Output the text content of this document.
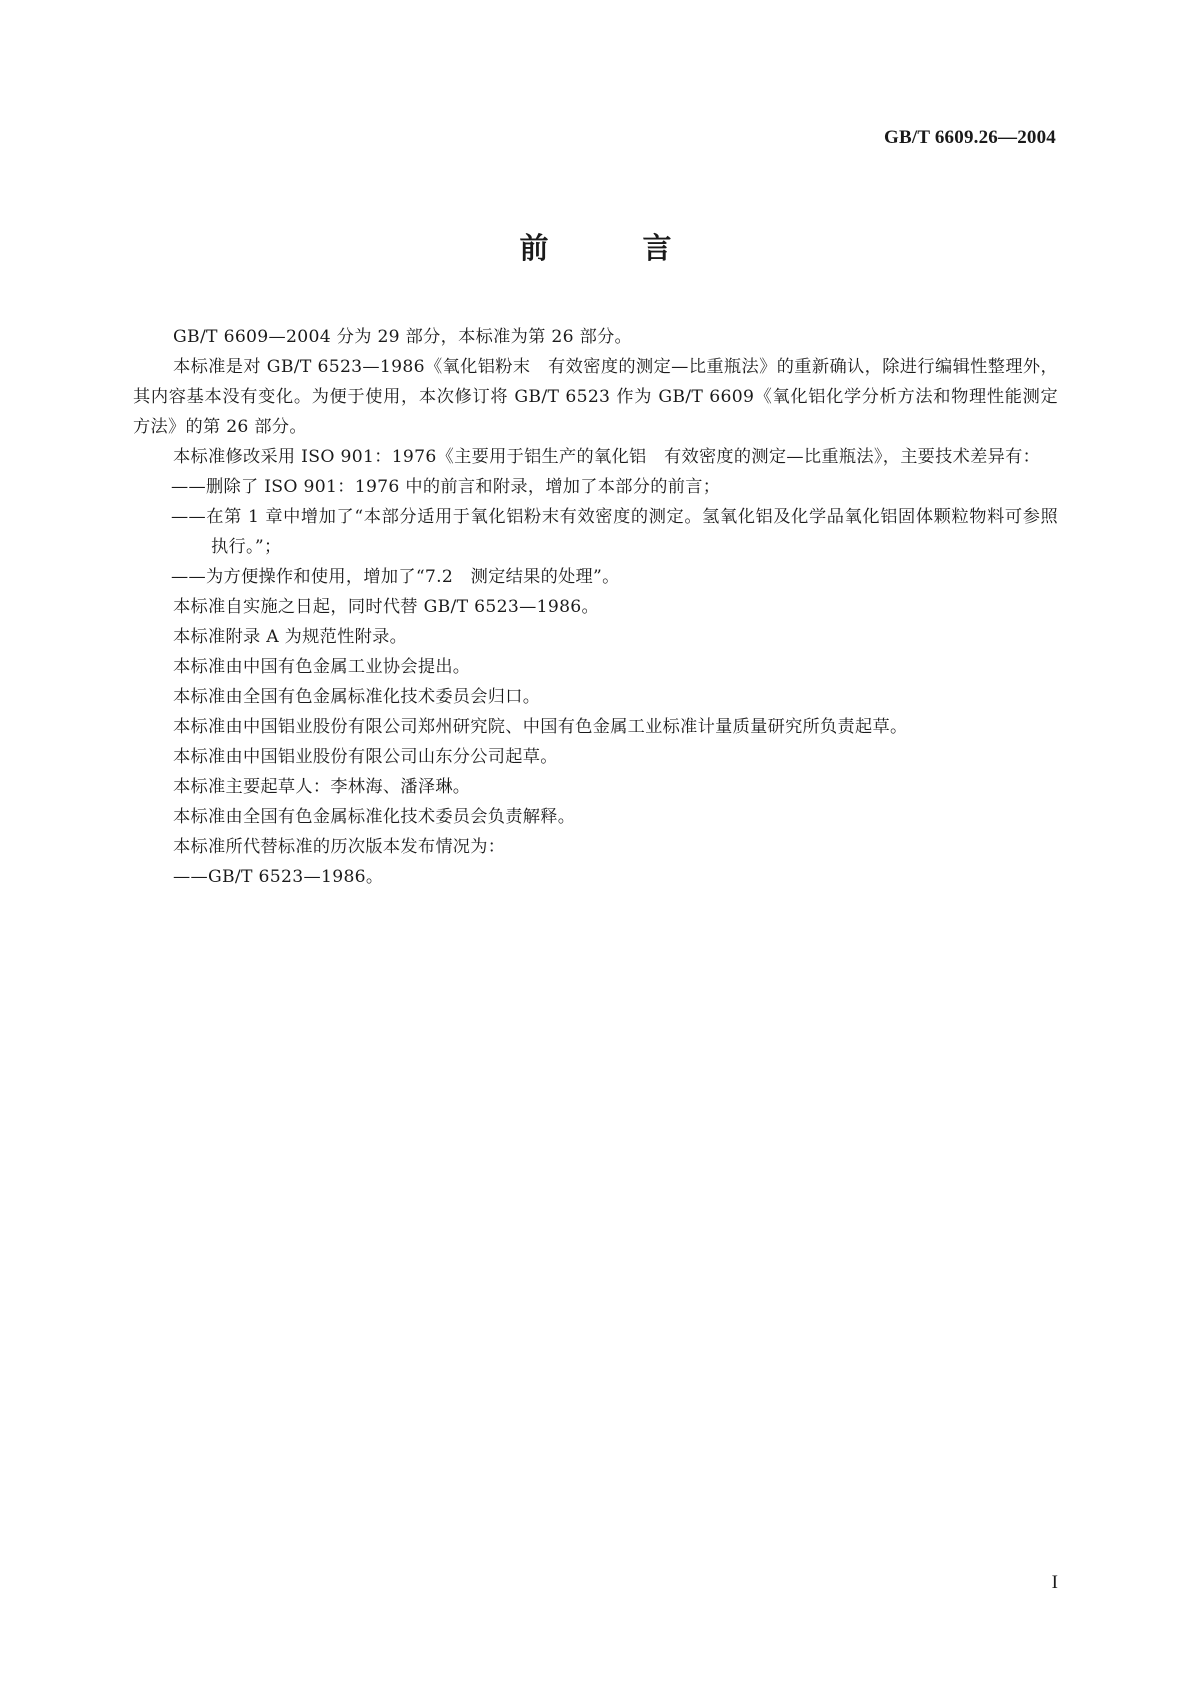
GB/T 6609.26—2004
前 言

GB/T 6609—2004 分为 29 部分，本标准为第 26 部分。

本标准是对 GB/T 6523—1986《氧化铝粉末　有效密度的测定—比重瓶法》的重新确认，除进行编辑性整理外，其内容基本没有变化。为便于使用，本次修订将 GB/T 6523 作为 GB/T 6609《氧化铝化学分析方法和物理性能测定方法》的第 26 部分。

本标准修改采用 ISO 901：1976《主要用于铝生产的氧化铝　有效密度的测定—比重瓶法》，主要技术差异有：

——删除了 ISO 901：1976 中的前言和附录，增加了本部分的前言；

——在第 1 章中增加了“本部分适用于氧化铝粉末有效密度的测定。氢氧化铝及化学品氧化铝固体颗粒物料可参照执行。”；

——为方便操作和使用，增加了“7.2　测定结果的处理”。

本标准自实施之日起，同时代替 GB/T 6523—1986。

本标准附录 A 为规范性附录。

本标准由中国有色金属工业协会提出。

本标准由全国有色金属标准化技术委员会归口。

本标准由中国铝业股份有限公司郑州研究院、中国有色金属工业标准计量质量研究所负责起草。

本标准由中国铝业股份有限公司山东分公司起草。

本标准主要起草人：李林海、潘泽琳。

本标准由全国有色金属标准化技术委员会负责解释。

本标准所代替标准的历次版本发布情况为：

——GB/T 6523—1986。

I
